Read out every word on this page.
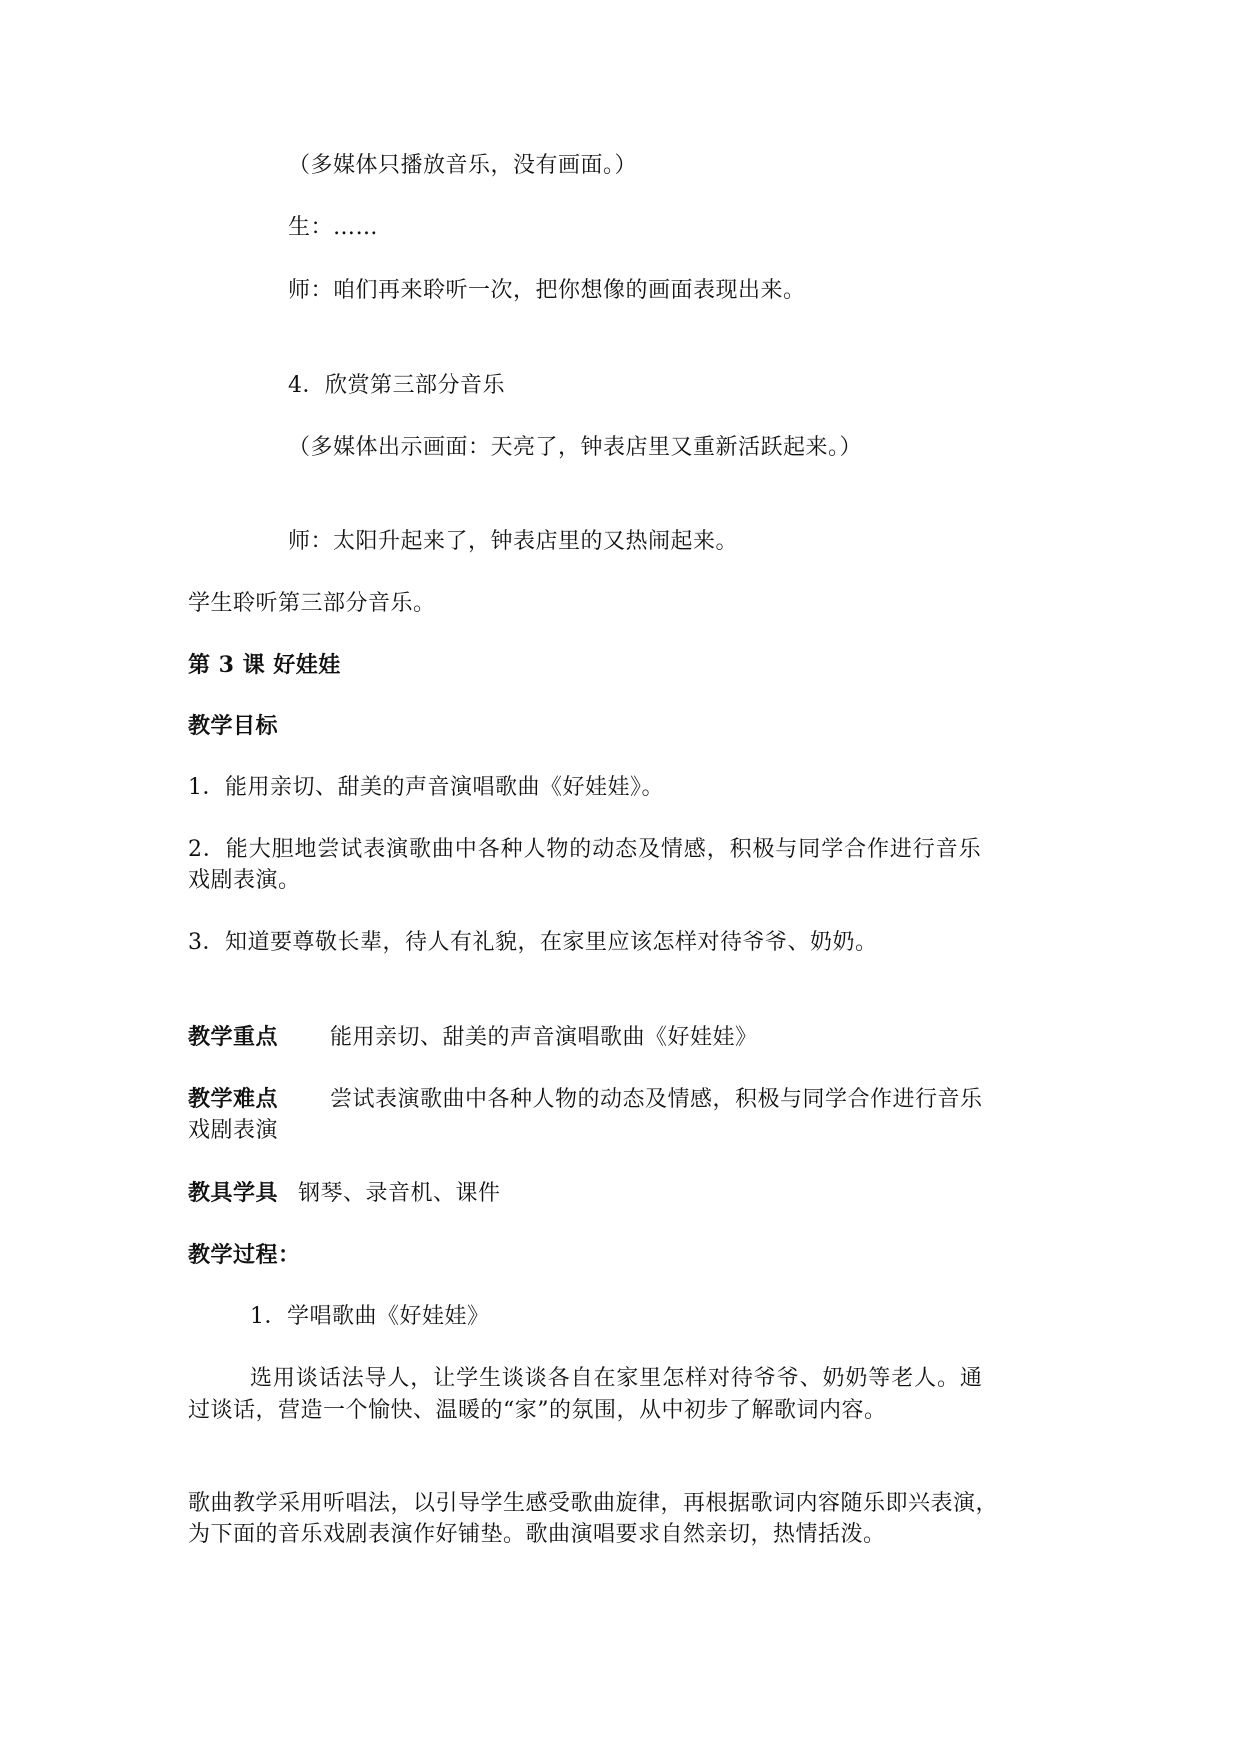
（多媒体只播放音乐，没有画面。）
生：……
师：咱们再来聆听一次，把你想像的画面表现出来。
4．欣赏第三部分音乐
（多媒体出示画面：天亮了，钟表店里又重新活跃起来。）
师：太阳升起来了，钟表店里的又热闹起来。
学生聆听第三部分音乐。
第 3 课 好娃娃
教学目标
1．能用亲切、甜美的声音演唱歌曲《好娃娃》。
2．能大胆地尝试表演歌曲中各种人物的动态及情感，积极与同学合作进行音乐
戏剧表演。
3．知道要尊敬长辈，待人有礼貌，在家里应该怎样对待爷爷、奶奶。
教学重点 能用亲切、甜美的声音演唱歌曲《好娃娃》
教学难点 尝试表演歌曲中各种人物的动态及情感，积极与同学合作进行音乐
戏剧表演
教具学具 钢琴、录音机、课件
教学过程：
1．学唱歌曲《好娃娃》
选用谈话法导人，让学生谈谈各自在家里怎样对待爷爷、奶奶等老人。通
过谈话，营造一个愉快、温暖的“家”的氛围，从中初步了解歌词内容。
歌曲教学采用听唱法，以引导学生感受歌曲旋律，再根据歌词内容随乐即兴表演，
为下面的音乐戏剧表演作好铺垫。歌曲演唱要求自然亲切，热情括泼。
